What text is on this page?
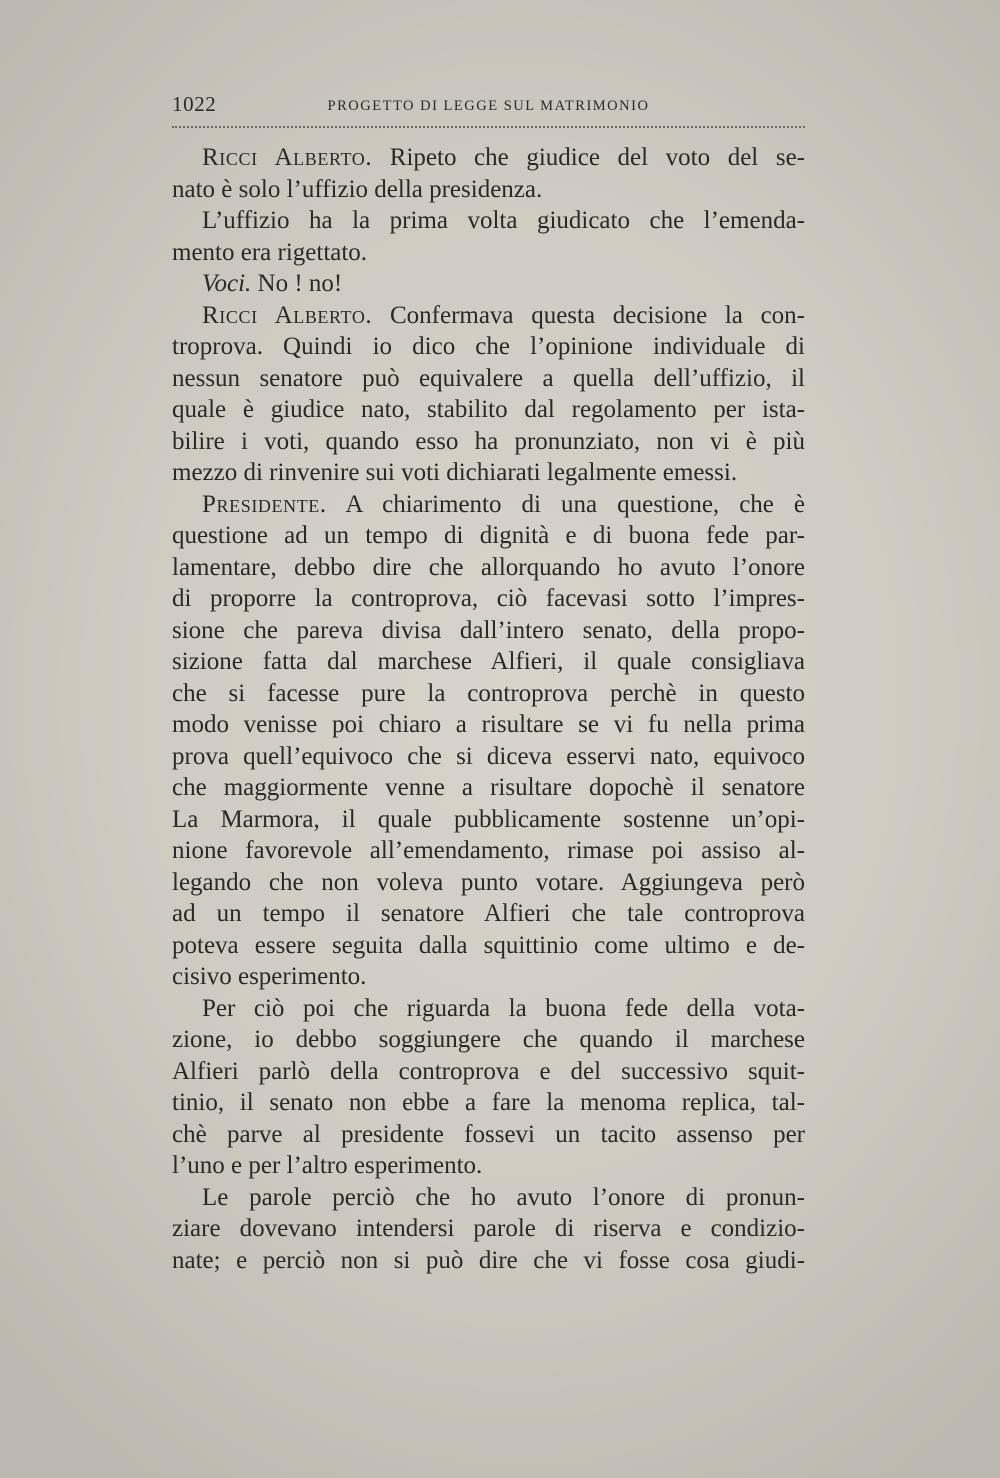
1022	PROGETTO DI LEGGE SUL MATRIMONIO
Ricci Alberto. Ripeto che giudice del voto del se-
nato è solo l’uffizio della presidenza.
L’uffizio ha la prima volta giudicato che l’emenda-
mento era rigettato.
Voci. No ! no!
Ricci Alberto. Confermava questa decisione la con-
troprova. Quindi io dico che l’opinione individuale di
nessun senatore può equivalere a quella dell’uffizio, il
quale è giudice nato, stabilito dal regolamento per ista-
bilire i voti, quando esso ha pronunziato, non vi è più
mezzo di rinvenire sui voti dichiarati legalmente emessi.
Presidente. A chiarimento di una questione, che è
questione ad un tempo di dignità e di buona fede par-
lamentare, debbo dire che allorquando ho avuto l’onore
di proporre la controprova, ciò facevasi sotto l’impres-
sione che pareva divisa dall’intero senato, della propo-
sizione fatta dal marchese Alfieri, il quale consigliava
che si facesse pure la controprova perchè in questo
modo venisse poi chiaro a risultare se vi fu nella prima
prova quell’equivoco che si diceva esservi nato, equivoco
che maggiormente venne a risultare dopochè il senatore
La Marmora, il quale pubblicamente sostenne un’opi-
nione favorevole all’emendamento, rimase poi assiso al-
legando che non voleva punto votare. Aggiungeva però
ad un tempo il senatore Alfieri che tale controprova
poteva essere seguita dalla squittinio come ultimo e de-
cisivo esperimento.
Per ciò poi che riguarda la buona fede della vota-
zione, io debbo soggiungere che quando il marchese
Alfieri parlò della controprova e del successivo squit-
tinio, il senato non ebbe a fare la menoma replica, tal-
chè parve al presidente fossevi un tacito assenso per
l’uno e per l’altro esperimento.
Le parole perciò che ho avuto l’onore di pronun-
ziare dovevano intendersi parole di riserva e condizio-
nate; e perciò non si può dire che vi fosse cosa giudi-
